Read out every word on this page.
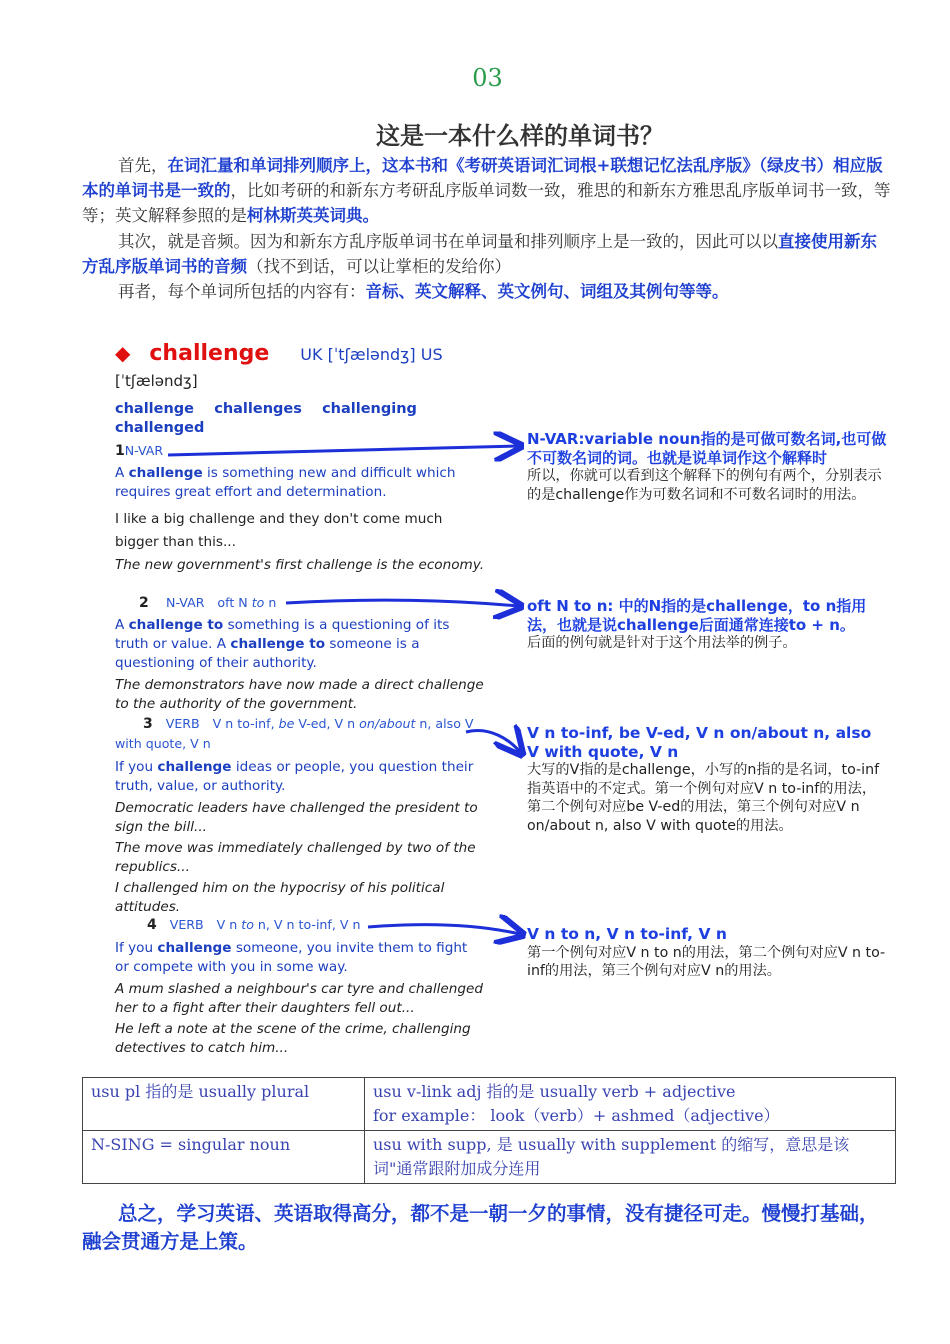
03
这是一本什么样的单词书？
首先，在词汇量和单词排列顺序上，这本书和《考研英语词汇词根+联想记忆法乱序版》（绿皮书）相应版本的单词书是一致的，比如考研的和新东方考研乱序版单词数一致，雅思的和新东方雅思乱序版单词书一致，等等；英文解释参照的是柯林斯英英词典。
其次，就是音频。因为和新东方乱序版单词书在单词量和排列顺序上是一致的，因此可以以直接使用新东方乱序版单词书的音频（找不到话，可以让掌柜的发给你）
再者，每个单词所包括的内容有：音标、英文解释、英文例句、词组及其例句等等。
◆ challenge UK [ˈtʃæləndʒ] US
[ˈtʃæləndʒ]
challenge challenges challenging
challenged
1N-VAR
A challenge is something new and difficult which requires great effort and determination.
I like a big challenge and they don't come much bigger than this...
The new government's first challenge is the economy.
2 N-VAR oft N to n
A challenge to something is a questioning of its truth or value. A challenge to someone is a questioning of their authority.
The demonstrators have now made a direct challenge to the authority of the government.
3 VERB V n to-inf, be V-ed, V n on/about n, also V with quote, V n
If you challenge ideas or people, you question their truth, value, or authority.
Democratic leaders have challenged the president to sign the bill...
The move was immediately challenged by two of the republics...
I challenged him on the hypocrisy of his political attitudes.
4 VERB V n to n, V n to-inf, V n
If you challenge someone, you invite them to fight or compete with you in some way.
A mum slashed a neighbour's car tyre and challenged her to a fight after their daughters fell out...
He left a note at the scene of the crime, challenging detectives to catch him...
N-VAR:variable noun指的是可做可数名词,也可做不可数名词的词。也就是说单词作这个解释时
所以，你就可以看到这个解释下的例句有两个，分别表示的是challenge作为可数名词和不可数名词时的用法。
oft N to n: 中的N指的是challenge，to n指用法，也就是说challenge后面通常连接to + n。
后面的例句就是针对于这个用法举的例子。
V n to-inf, be V-ed, V n on/about n, also V with quote, V n
大写的V指的是challenge，小写的n指的是名词，to-inf 指英语中的不定式。第一个例句对应V n to-inf的用法，第二个例句对应be V-ed的用法，第三个例句对应V n on/about n, also V with quote的用法。
V n to n, V n to-inf, V n
第一个例句对应V n to n的用法，第二个例句对应V n to-inf的用法，第三个例句对应V n的用法。
usu pl 指的是 usually plural	usu v-link adj 指的是 usually verb + adjective
for example： look（verb）+ ashmed（adjective）

N-SING = singular noun	usu with supp, 是 usually with supplement 的缩写，意思是该词"通常跟附加成分连用
总之，学习英语、英语取得高分，都不是一朝一夕的事情，没有捷径可走。慢慢打基础，融会贯通方是上策。
